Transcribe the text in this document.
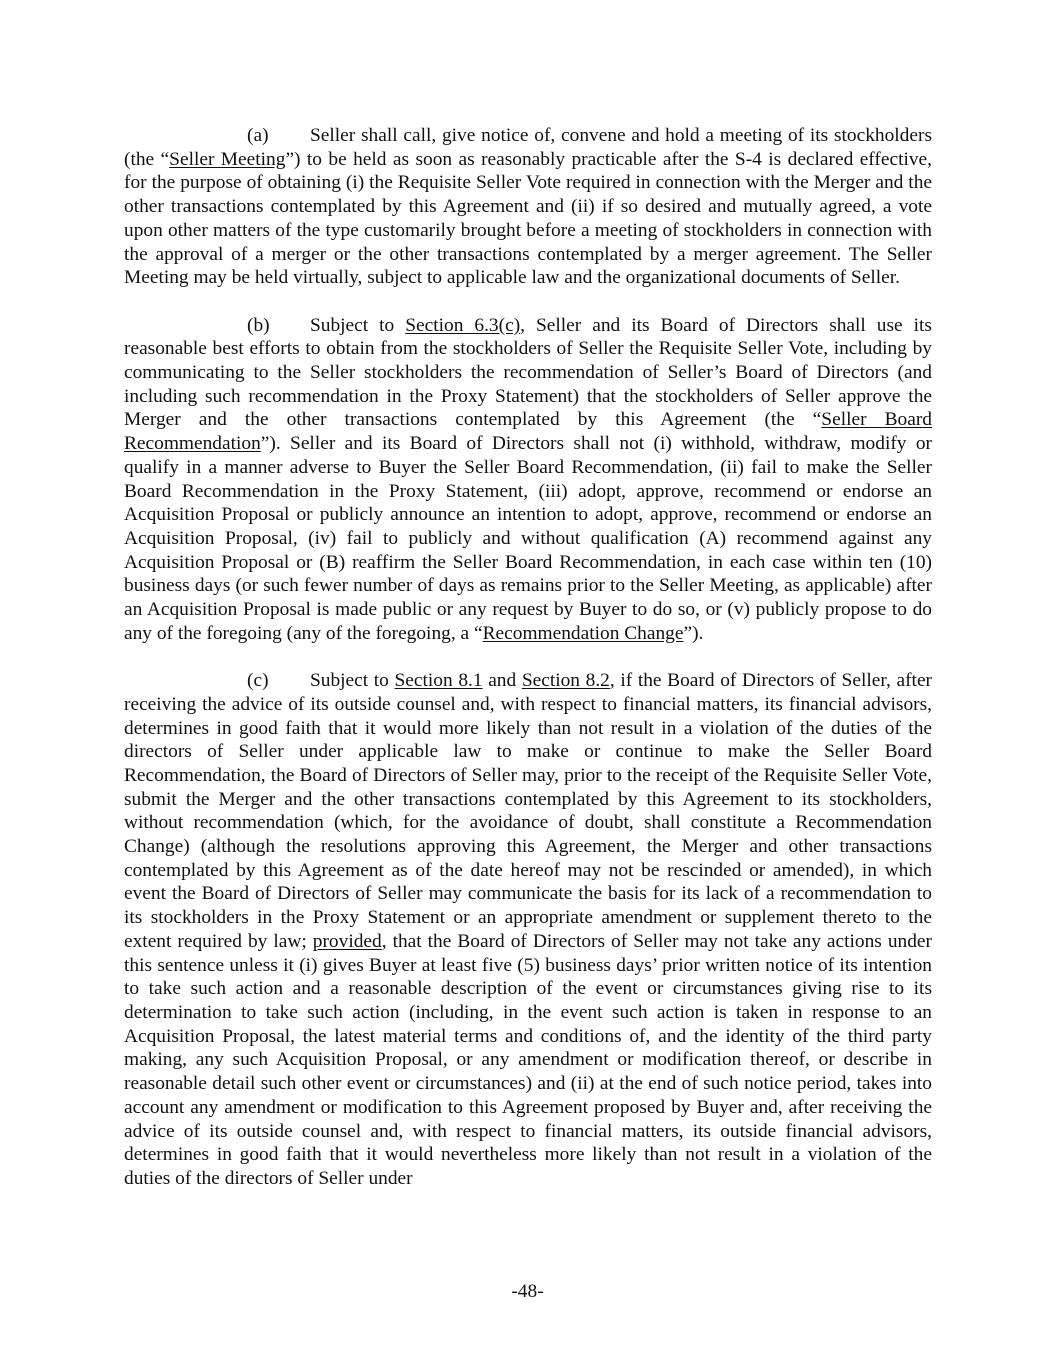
(a) Seller shall call, give notice of, convene and hold a meeting of its stockholders (the “Seller Meeting”) to be held as soon as reasonably practicable after the S-4 is declared effective, for the purpose of obtaining (i) the Requisite Seller Vote required in connection with the Merger and the other transactions contemplated by this Agreement and (ii) if so desired and mutually agreed, a vote upon other matters of the type customarily brought before a meeting of stockholders in connection with the approval of a merger or the other transactions contemplated by a merger agreement. The Seller Meeting may be held virtually, subject to applicable law and the organizational documents of Seller.

(b) Subject to Section 6.3(c), Seller and its Board of Directors shall use its reasonable best efforts to obtain from the stockholders of Seller the Requisite Seller Vote, including by communicating to the Seller stockholders the recommendation of Seller’s Board of Directors (and including such recommendation in the Proxy Statement) that the stockholders of Seller approve the Merger and the other transactions contemplated by this Agreement (the “Seller Board Recommendation”). Seller and its Board of Directors shall not (i) withhold, withdraw, modify or qualify in a manner adverse to Buyer the Seller Board Recommendation, (ii) fail to make the Seller Board Recommendation in the Proxy Statement, (iii) adopt, approve, recommend or endorse an Acquisition Proposal or publicly announce an intention to adopt, approve, recommend or endorse an Acquisition Proposal, (iv) fail to publicly and without qualification (A) recommend against any Acquisition Proposal or (B) reaffirm the Seller Board Recommendation, in each case within ten (10) business days (or such fewer number of days as remains prior to the Seller Meeting, as applicable) after an Acquisition Proposal is made public or any request by Buyer to do so, or (v) publicly propose to do any of the foregoing (any of the foregoing, a “Recommendation Change”).

(c) Subject to Section 8.1 and Section 8.2, if the Board of Directors of Seller, after receiving the advice of its outside counsel and, with respect to financial matters, its financial advisors, determines in good faith that it would more likely than not result in a violation of the duties of the directors of Seller under applicable law to make or continue to make the Seller Board Recommendation, the Board of Directors of Seller may, prior to the receipt of the Requisite Seller Vote, submit the Merger and the other transactions contemplated by this Agreement to its stockholders, without recommendation (which, for the avoidance of doubt, shall constitute a Recommendation Change) (although the resolutions approving this Agreement, the Merger and other transactions contemplated by this Agreement as of the date hereof may not be rescinded or amended), in which event the Board of Directors of Seller may communicate the basis for its lack of a recommendation to its stockholders in the Proxy Statement or an appropriate amendment or supplement thereto to the extent required by law; provided, that the Board of Directors of Seller may not take any actions under this sentence unless it (i) gives Buyer at least five (5) business days’ prior written notice of its intention to take such action and a reasonable description of the event or circumstances giving rise to its determination to take such action (including, in the event such action is taken in response to an Acquisition Proposal, the latest material terms and conditions of, and the identity of the third party making, any such Acquisition Proposal, or any amendment or modification thereof, or describe in reasonable detail such other event or circumstances) and (ii) at the end of such notice period, takes into account any amendment or modification to this Agreement proposed by Buyer and, after receiving the advice of its outside counsel and, with respect to financial matters, its outside financial advisors, determines in good faith that it would nevertheless more likely than not result in a violation of the duties of the directors of Seller under

-48-
